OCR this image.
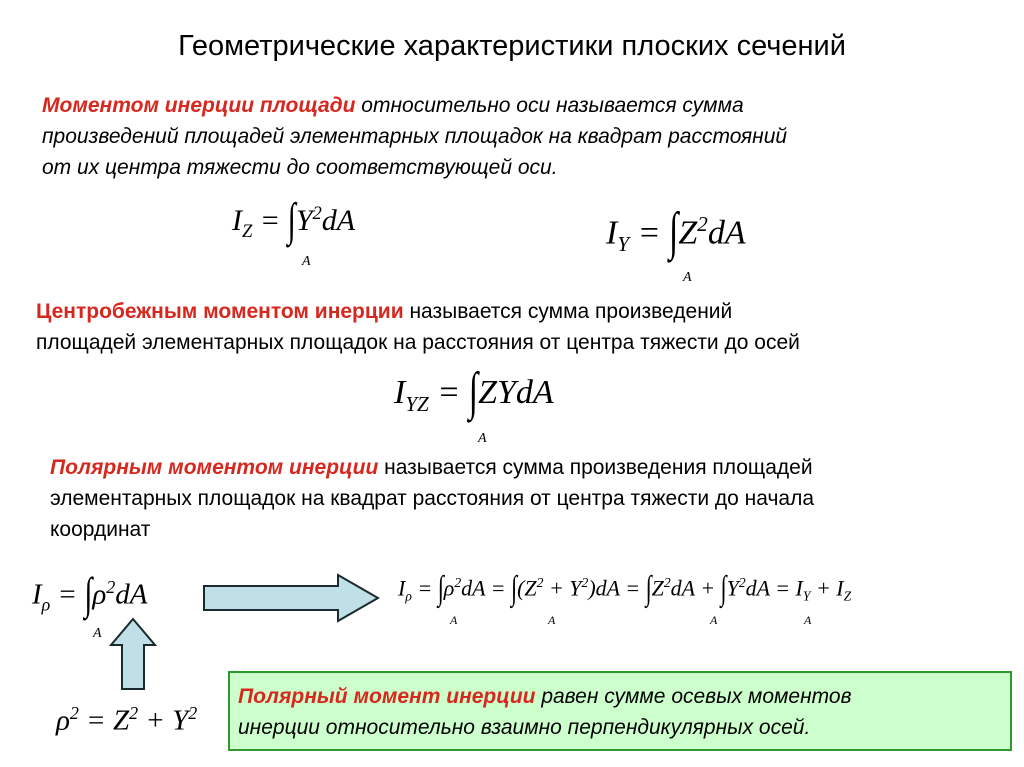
Геометрические характеристики плоских сечений
Моментом инерции площади относительно оси называется сумма
произведений площадей элементарных площадок на квадрат расстояний
от их центра тяжести до соответствующей оси.
$I_Z = \int Y^2dA$
A
$I_Y = \int Z^2dA$
A
Центробежным моментом инерции называется сумма произведений
площадей элементарных площадок на расстояния от центра тяжести до осей
$I_{YZ}$ = ∫ZYdA
A
Полярным моментом инерции называется сумма произведения площадей
элементарных площадок на квадрат расстояния от центра тяжести до начала
координат
$I_\rho = \int\rho^2dA$
A
$I_\rho = \int\rho^2dA = \int(Z^2 + Y^2)dA = \int Z^2dA + \int Y^2dA = I_Y + I_Z$
A	A	A	A
$\rho^2 = Z^2 + Y^2$
Полярный момент инерции равен сумме осевых моментов
инерции относительно взаимно перпендикулярных осей.
